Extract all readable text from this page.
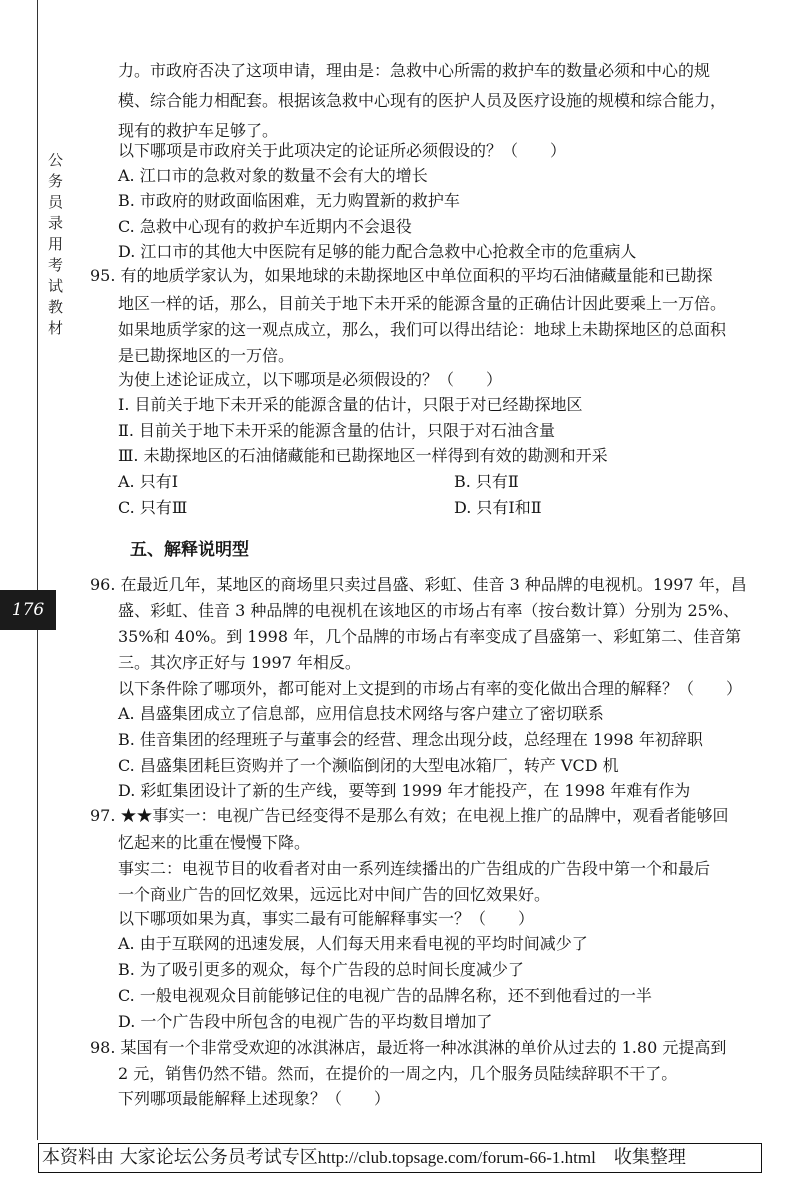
公务员录用考试教材
176
力。市政府否决了这项申请，理由是：急救中心所需的救护车的数量必须和中心的规
模、综合能力相配套。根据该急救中心现有的医护人员及医疗设施的规模和综合能力，
现有的救护车足够了。
以下哪项是市政府关于此项决定的论证所必须假设的？（　　）
A. 江口市的急救对象的数量不会有大的增长
B. 市政府的财政面临困难，无力购置新的救护车
C. 急救中心现有的救护车近期内不会退役
D. 江口市的其他大中医院有足够的能力配合急救中心抢救全市的危重病人
95. 有的地质学家认为，如果地球的未勘探地区中单位面积的平均石油储藏量能和已勘探
地区一样的话，那么，目前关于地下未开采的能源含量的正确估计因此要乘上一万倍。
如果地质学家的这一观点成立，那么，我们可以得出结论：地球上未勘探地区的总面积
是已勘探地区的一万倍。
为使上述论证成立，以下哪项是必须假设的？（　　）
Ⅰ. 目前关于地下未开采的能源含量的估计，只限于对已经勘探地区
Ⅱ. 目前关于地下未开采的能源含量的估计，只限于对石油含量
Ⅲ. 未勘探地区的石油储藏能和已勘探地区一样得到有效的勘测和开采
A. 只有Ⅰ	B. 只有Ⅱ
C. 只有Ⅲ	D. 只有Ⅰ和Ⅱ
五、解释说明型
96. 在最近几年，某地区的商场里只卖过昌盛、彩虹、佳音 3 种品牌的电视机。1997 年，昌
盛、彩虹、佳音 3 种品牌的电视机在该地区的市场占有率（按台数计算）分别为 25%、
35%和 40%。到 1998 年，几个品牌的市场占有率变成了昌盛第一、彩虹第二、佳音第
三。其次序正好与 1997 年相反。
以下条件除了哪项外，都可能对上文提到的市场占有率的变化做出合理的解释？（　　）
A. 昌盛集团成立了信息部，应用信息技术网络与客户建立了密切联系
B. 佳音集团的经理班子与董事会的经营、理念出现分歧，总经理在 1998 年初辞职
C. 昌盛集团耗巨资购并了一个濒临倒闭的大型电冰箱厂，转产 VCD 机
D. 彩虹集团设计了新的生产线，要等到 1999 年才能投产，在 1998 年难有作为
97. ★★事实一：电视广告已经变得不是那么有效；在电视上推广的品牌中，观看者能够回
忆起来的比重在慢慢下降。
事实二：电视节目的收看者对由一系列连续播出的广告组成的广告段中第一个和最后
一个商业广告的回忆效果，远远比对中间广告的回忆效果好。
以下哪项如果为真，事实二最有可能解释事实一？（　　）
A. 由于互联网的迅速发展，人们每天用来看电视的平均时间减少了
B. 为了吸引更多的观众，每个广告段的总时间长度减少了
C. 一般电视观众目前能够记住的电视广告的品牌名称，还不到他看过的一半
D. 一个广告段中所包含的电视广告的平均数目增加了
98. 某国有一个非常受欢迎的冰淇淋店，最近将一种冰淇淋的单价从过去的 1.80 元提高到
2 元，销售仍然不错。然而，在提价的一周之内，几个服务员陆续辞职不干了。
下列哪项最能解释上述现象？（　　）
本资料由 大家论坛公务员考试专区http://club.topsage.com/forum-66-1.html　收集整理
